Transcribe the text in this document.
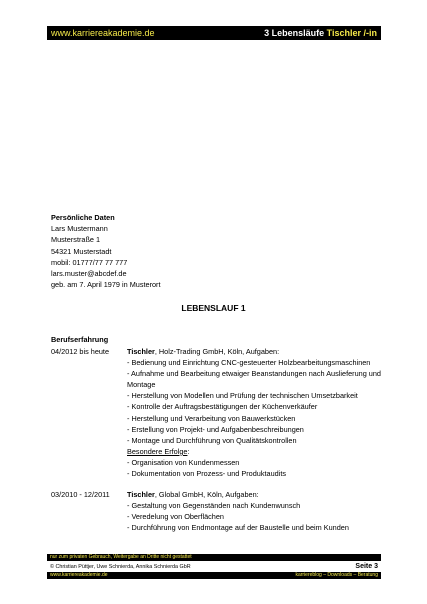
www.karriereakademie.de	3 Lebensläufe Tischler /-in
Persönliche Daten
Lars Mustermann
Musterstraße 1
54321 Musterstadt
mobil: 01777/77 77 777
lars.muster@abcdef.de
geb. am 7. April 1979 in Musterort
LEBENSLAUF 1
Berufserfahrung
04/2012 bis heute	Tischler, Holz-Trading GmbH, Köln, Aufgaben:
- Bedienung und Einrichtung CNC-gesteuerter Holzbearbeitungsmaschinen
- Aufnahme und Bearbeitung etwaiger Beanstandungen nach Auslieferung und Montage
- Herstellung von Modellen und Prüfung der technischen Umsetzbarkeit
- Kontrolle der Auftragsbestätigungen der Küchenverkäufer
- Herstellung und Verarbeitung von Bauwerkstücken
- Erstellung von Projekt- und Aufgabenbeschreibungen
- Montage und Durchführung von Qualitätskontrollen
Besondere Erfolge:
- Organisation von Kundenmessen
- Dokumentation von Prozess- und Produktaudits
03/2010 - 12/2011	Tischler, Global GmbH, Köln, Aufgaben:
- Gestaltung von Gegenständen nach Kundenwunsch
- Veredelung von Oberflächen
- Durchführung von Endmontage auf der Baustelle und beim Kunden
nur zum privaten Gebrauch, Weitergabe an Dritte nicht gestattet
© Christian Püttjer, Uwe Schnierda, Annika Schnierda GbR	Seite 3
www.karriereakademie.de	karriereblog – Downloads – Beratung
